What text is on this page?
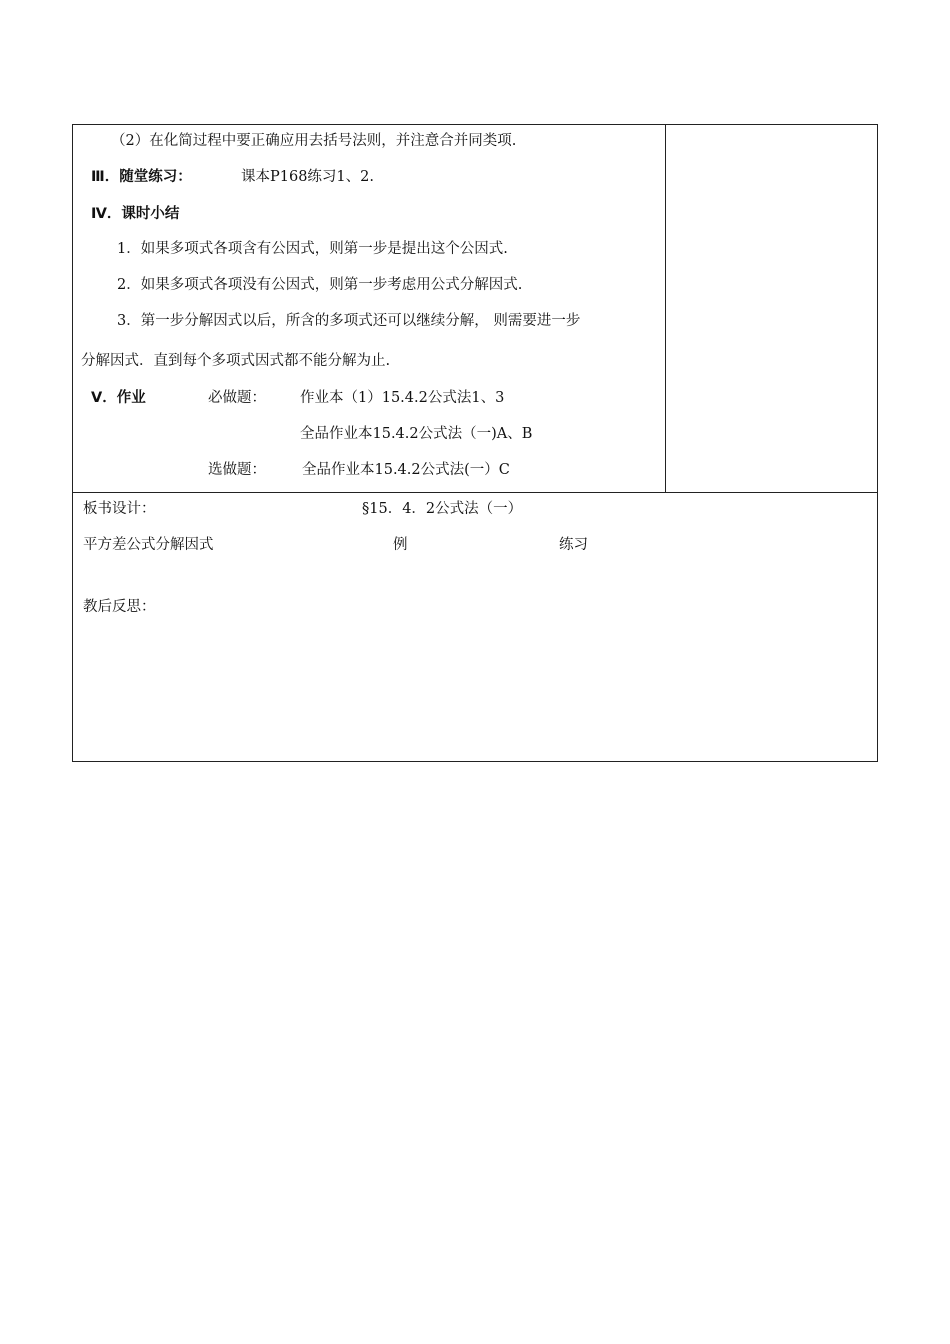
（2）在化简过程中要正确应用去括号法则，并注意合并同类项.
Ⅲ．随堂练习：	课本P168练习1、2.
Ⅳ．课时小结
1．如果多项式各项含有公因式，则第一步是提出这个公因式.
2．如果多项式各项没有公因式，则第一步考虑用公式分解因式.
3．第一步分解因式以后，所含的多项式还可以继续分解， 则需要进一步
分解因式．直到每个多项式因式都不能分解为止.
Ⅴ．作业	必做题： 作业本（1）15.4.2公式法1、3
全品作业本15.4.2公式法（一)A、B
选做题： 全品作业本15.4.2公式法(一）C
板书设计：	§15．4．2公式法（一）
平方差公式分解因式	例	练习
教后反思：
